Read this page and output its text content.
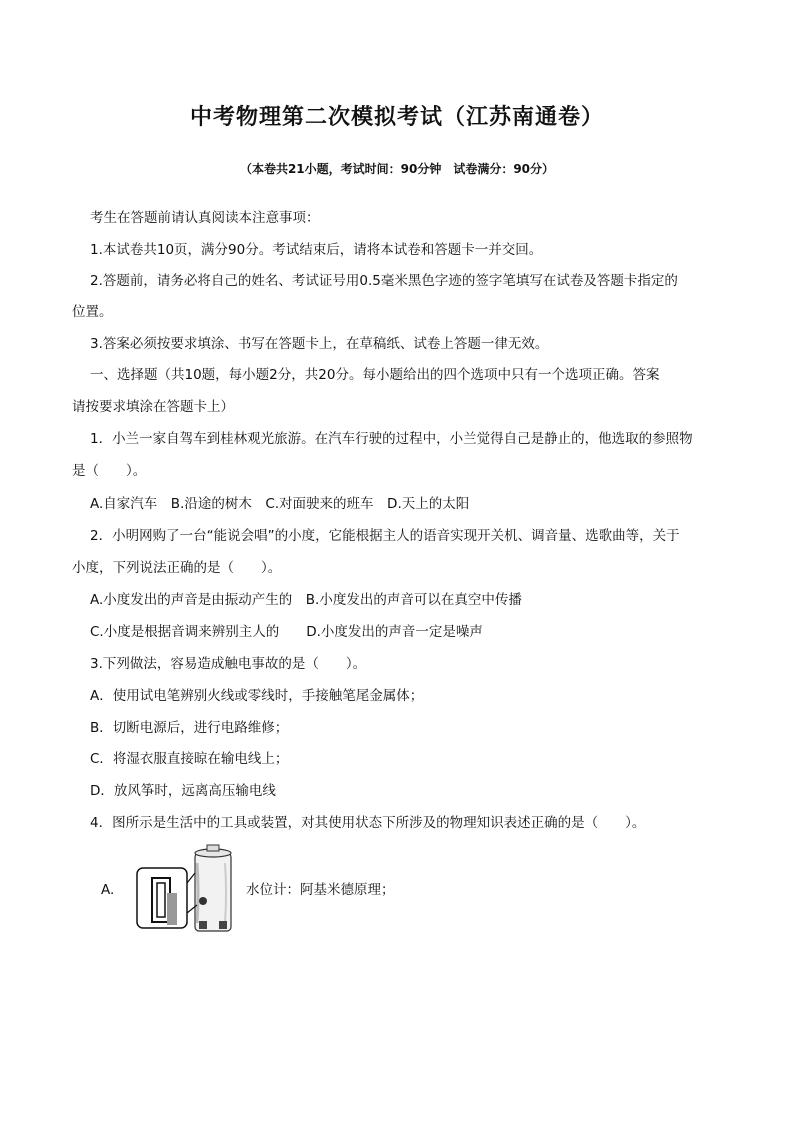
中考物理第二次模拟考试（江苏南通卷）
（本卷共21小题，考试时间：90分钟　试卷满分：90分）
考生在答题前请认真阅读本注意事项：
1.本试卷共10页，满分90分。考试结束后，请将本试卷和答题卡一并交回。
2.答题前，请务必将自己的姓名、考试证号用0.5毫米黑色字迹的签字笔填写在试卷及答题卡指定的
位置。
3.答案必须按要求填涂、书写在答题卡上，在草稿纸、试卷上答题一律无效。
一、选择题（共10题，每小题2分，共20分。每小题给出的四个选项中只有一个选项正确。答案
请按要求填涂在答题卡上）
1．小兰一家自驾车到桂林观光旅游。在汽车行驶的过程中，小兰觉得自己是静止的，他选取的参照物
是（　　）。
A.自家汽车　B.沿途的树木　C.对面驶来的班车　D.天上的太阳
2．小明网购了一台“能说会唱”的小度，它能根据主人的语音实现开关机、调音量、选歌曲等，关于
小度，下列说法正确的是（　　）。
A.小度发出的声音是由振动产生的　B.小度发出的声音可以在真空中传播
C.小度是根据音调来辨别主人的　　D.小度发出的声音一定是噪声
3.下列做法，容易造成触电事故的是（　　）。
A．使用试电笔辨别火线或零线时，手接触笔尾金属体；
B．切断电源后，进行电路维修；
C．将湿衣服直接晾在输电线上；
D．放风筝时，远离高压输电线
4．图所示是生活中的工具或装置，对其使用状态下所涉及的物理知识表述正确的是（　　）。
A.	水位计：阿基米德原理；
